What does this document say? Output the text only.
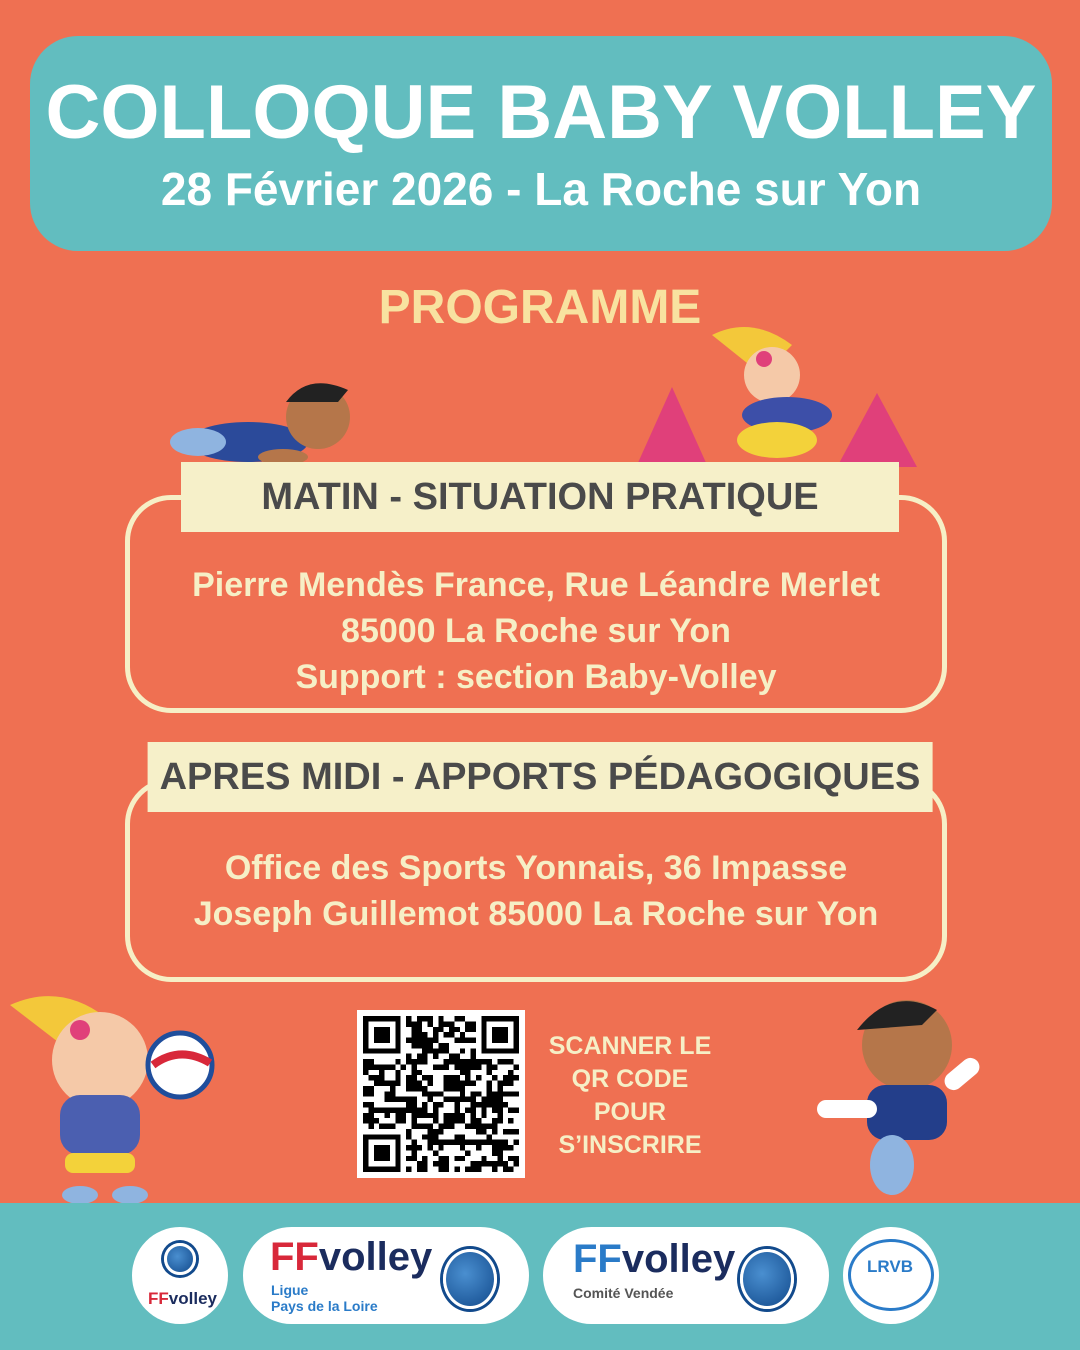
COLLOQUE BABY VOLLEY
28 Février 2026 - La Roche sur Yon
PROGRAMME
Pierre Mendès France, Rue Léandre Merlet
85000 La Roche sur Yon
Support : section Baby-Volley
MATIN - SITUATION PRATIQUE
Office des Sports Yonnais, 36 Impasse
Joseph Guillemot 85000 La Roche sur Yon
APRES MIDI - APPORTS PÉDAGOGIQUES
SCANNER LE
QR CODE
POUR
S’INSCRIRE
FFvolley
FFvolley
Ligue
Pays de la Loire
FFvolley
Comité Vendée
LRVB
